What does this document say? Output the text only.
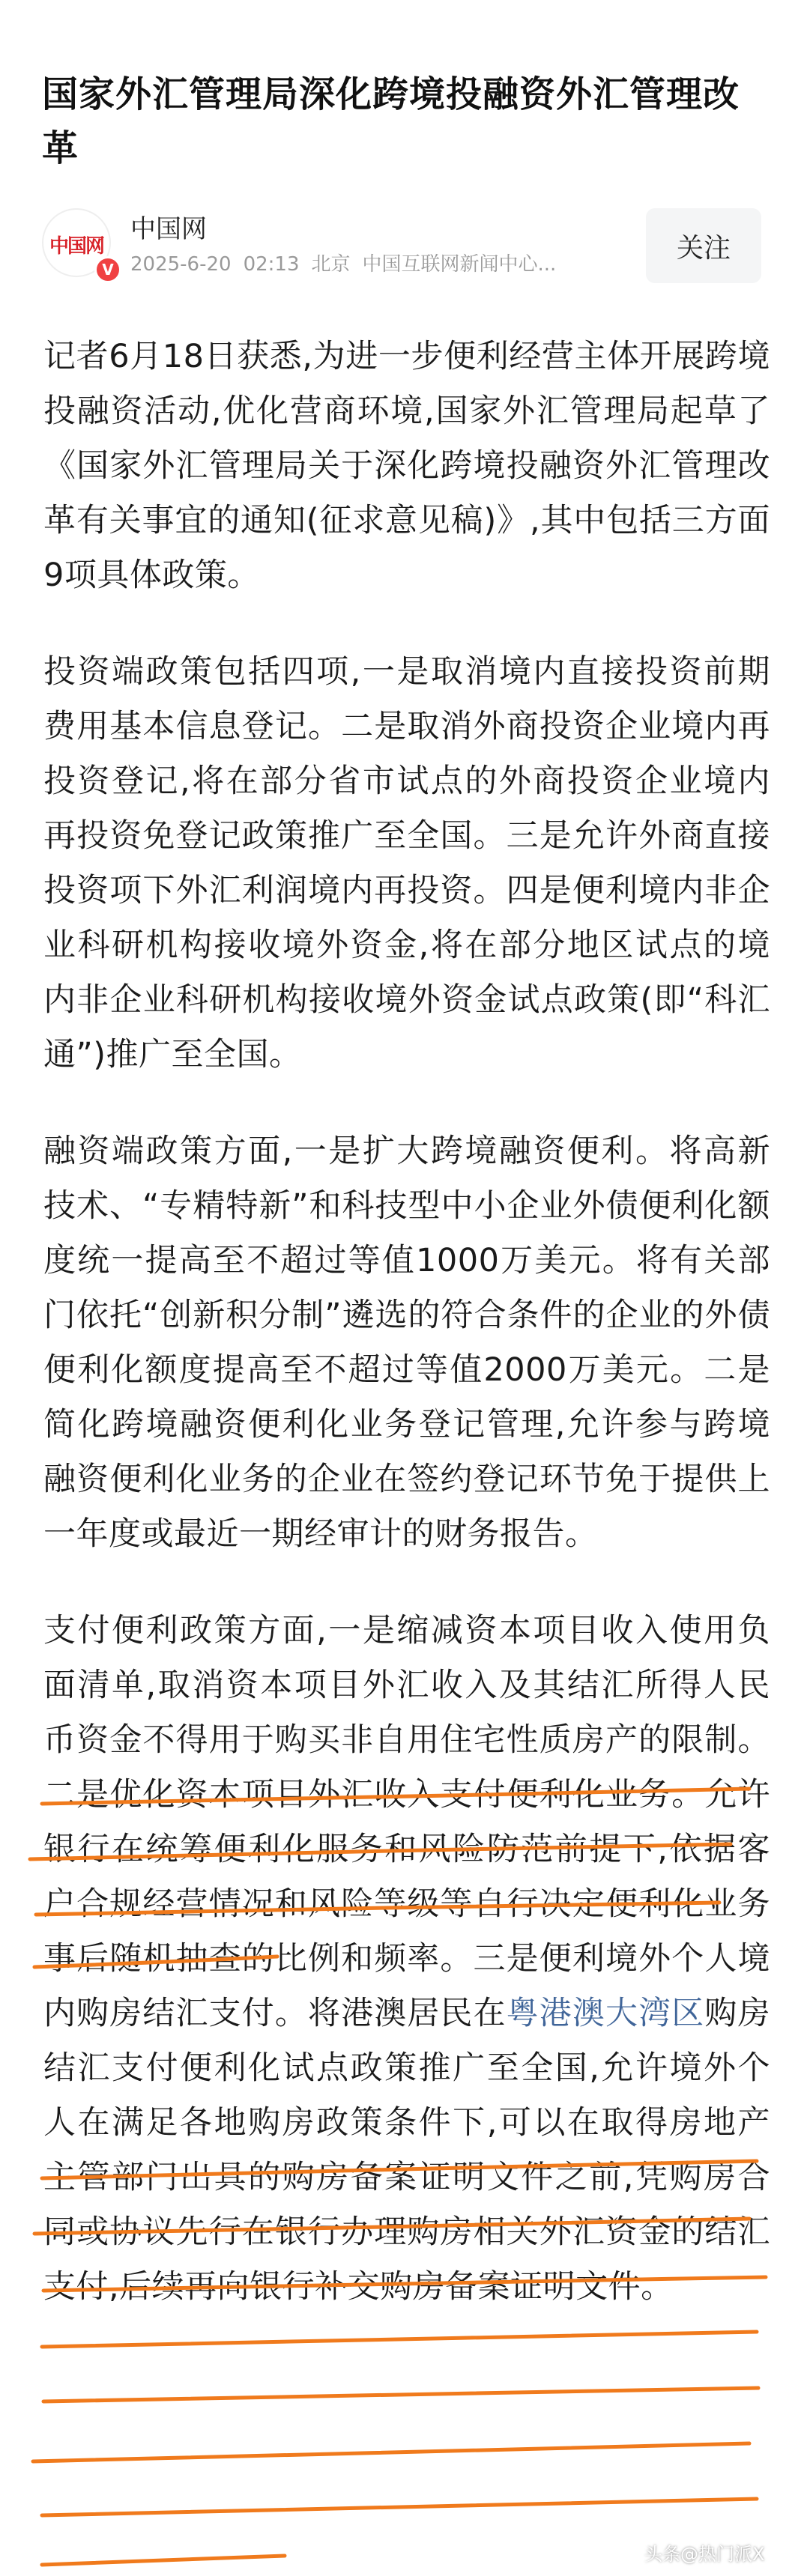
国家外汇管理局深化跨境投融资外汇管理改革
中国网
V
中国网
2025-6-20 02:13 北京 中国互联网新闻中心...
关注

记者6月18日获悉,为进一步便利经营主体开展跨境投融资活动,优化营商环境,国家外汇管理局起草了《国家外汇管理局关于深化跨境投融资外汇管理改革有关事宜的通知(征求意见稿)》,其中包括三方面9项具体政策。

投资端政策包括四项,一是取消境内直接投资前期费用基本信息登记。二是取消外商投资企业境内再投资登记,将在部分省市试点的外商投资企业境内再投资免登记政策推广至全国。三是允许外商直接投资项下外汇利润境内再投资。四是便利境内非企业科研机构接收境外资金,将在部分地区试点的境内非企业科研机构接收境外资金试点政策(即“科汇通”)推广至全国。

融资端政策方面,一是扩大跨境融资便利。将高新技术、“专精特新”和科技型中小企业外债便利化额度统一提高至不超过等值1000万美元。将有关部门依托“创新积分制”遴选的符合条件的企业的外债便利化额度提高至不超过等值2000万美元。二是简化跨境融资便利化业务登记管理,允许参与跨境融资便利化业务的企业在签约登记环节免于提供上一年度或最近一期经审计的财务报告。

支付便利政策方面,一是缩减资本项目收入使用负面清单,取消资本项目外汇收入及其结汇所得人民币资金不得用于购买非自用住宅性质房产的限制。二是优化资本项目外汇收入支付便利化业务。允许银行在统筹便利化服务和风险防范前提下,依据客户合规经营情况和风险等级等自行决定便利化业务事后随机抽查的比例和频率。三是便利境外个人境内购房结汇支付。将港澳居民在粤港澳大湾区购房结汇支付便利化试点政策推广至全国,允许境外个人在满足各地购房政策条件下,可以在取得房地产主管部门出具的购房备案证明文件之前,凭购房合同或协议先行在银行办理购房相关外汇资金的结汇支付,后续再向银行补交购房备案证明文件。

头条@热门派X
